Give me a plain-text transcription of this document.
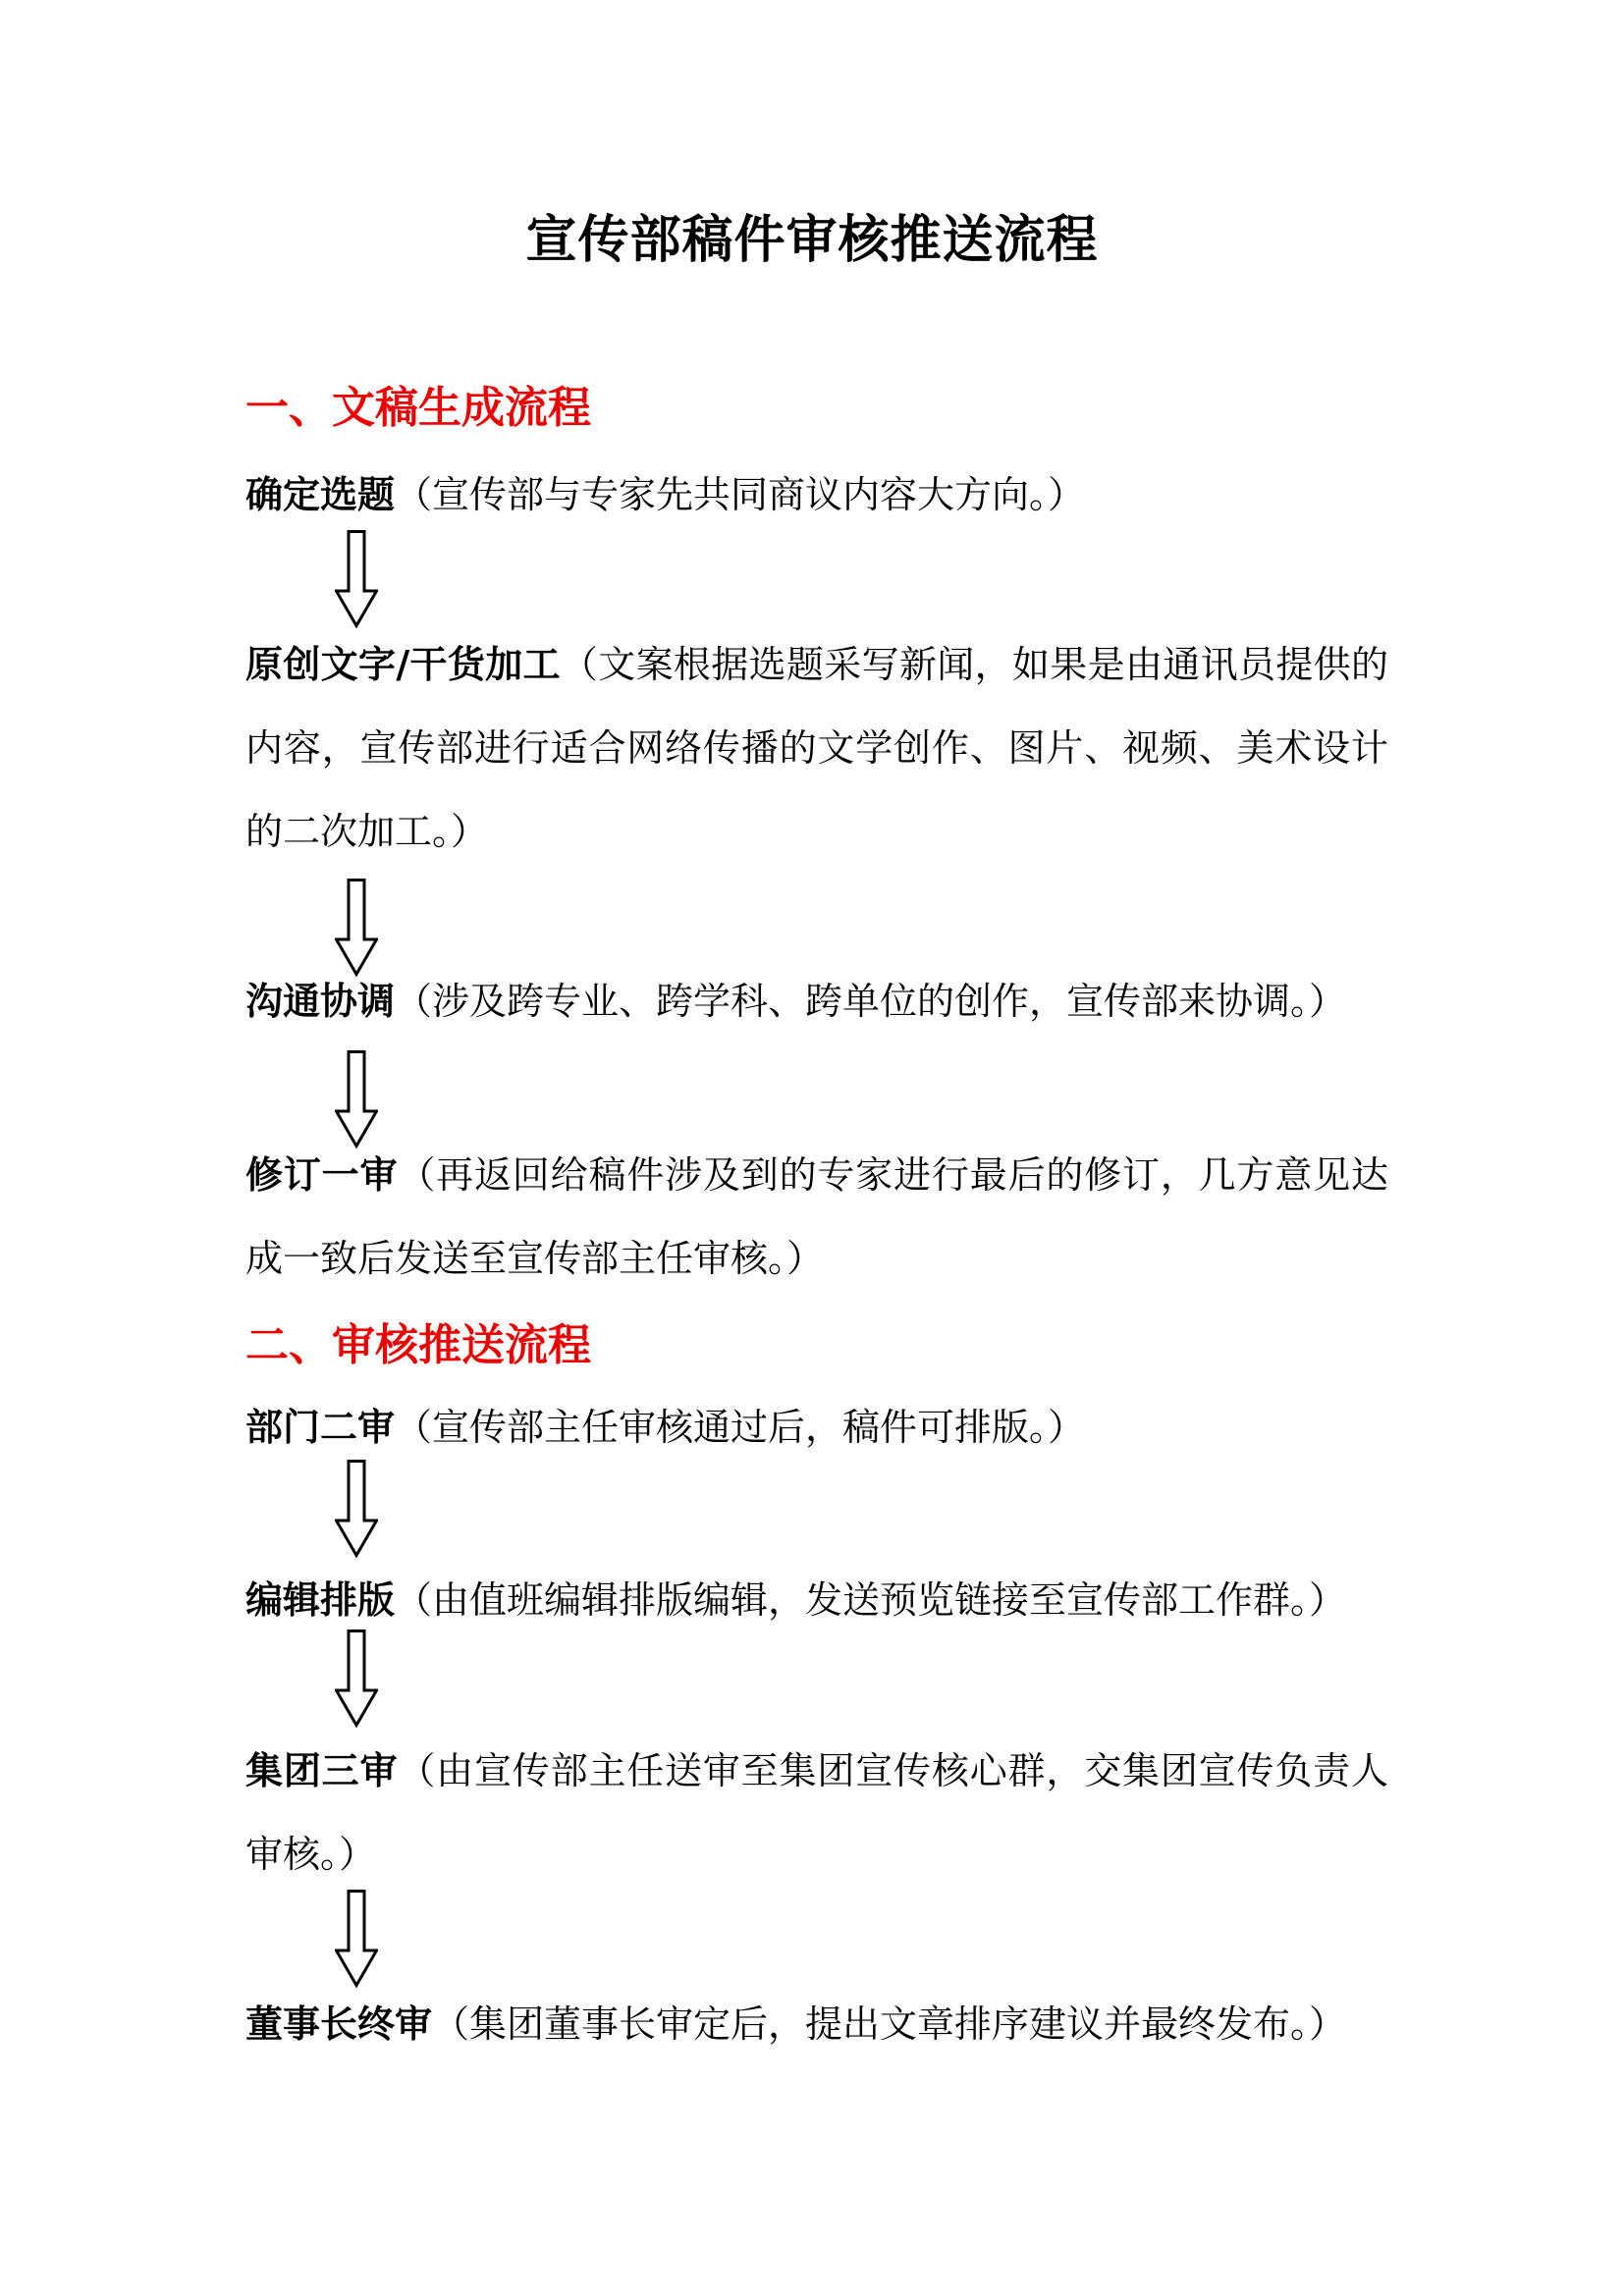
宣传部稿件审核推送流程
一、文稿生成流程

确定选题（宣传部与专家先共同商议内容大方向。）

原创文字/干货加工（文案根据选题采写新闻，如果是由通讯员提供的内容，宣传部进行适合网络传播的文学创作、图片、视频、美术设计的二次加工。）

沟通协调（涉及跨专业、跨学科、跨单位的创作，宣传部来协调。）

修订一审（再返回给稿件涉及到的专家进行最后的修订，几方意见达成一致后发送至宣传部主任审核。）

二、审核推送流程

部门二审（宣传部主任审核通过后，稿件可排版。）

编辑排版（由值班编辑排版编辑，发送预览链接至宣传部工作群。）

集团三审（由宣传部主任送审至集团宣传核心群，交集团宣传负责人审核。）

董事长终审（集团董事长审定后，提出文章排序建议并最终发布。）
